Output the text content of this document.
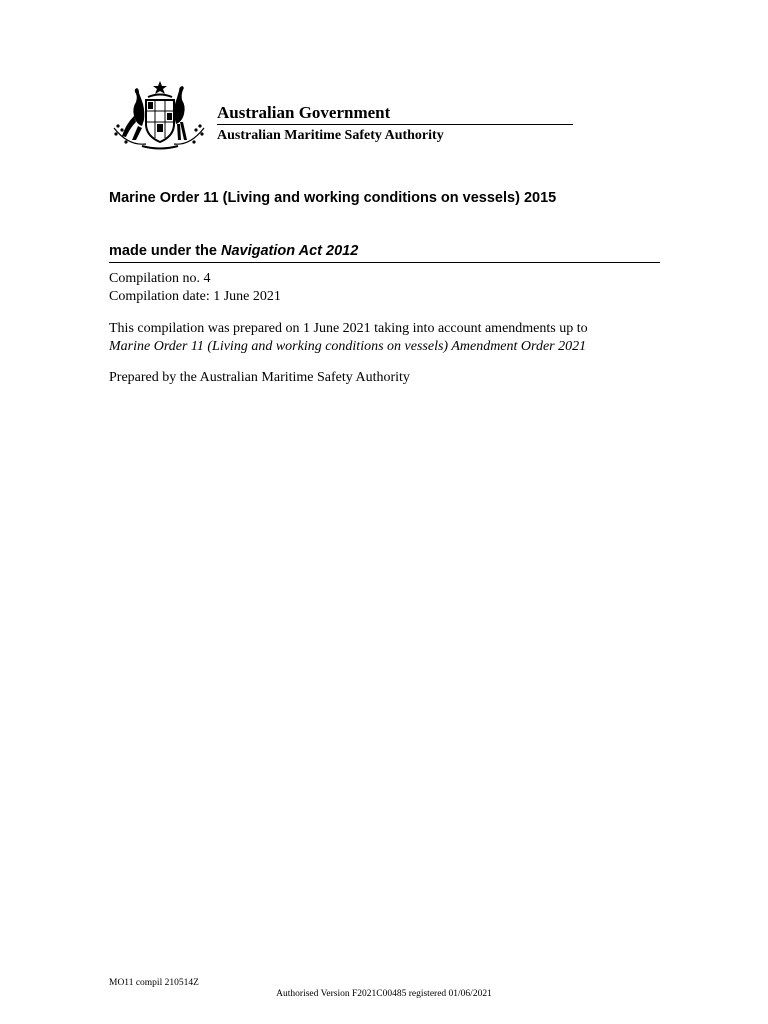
Australian Government
Australian Maritime Safety Authority
Marine Order 11 (Living and working conditions on vessels) 2015
made under the Navigation Act 2012
Compilation no. 4
Compilation date: 1 June 2021
This compilation was prepared on 1 June 2021 taking into account amendments up to
Marine Order 11 (Living and working conditions on vessels) Amendment Order 2021
Prepared by the Australian Maritime Safety Authority
MO11 compil 210514Z
Authorised Version F2021C00485 registered 01/06/2021
